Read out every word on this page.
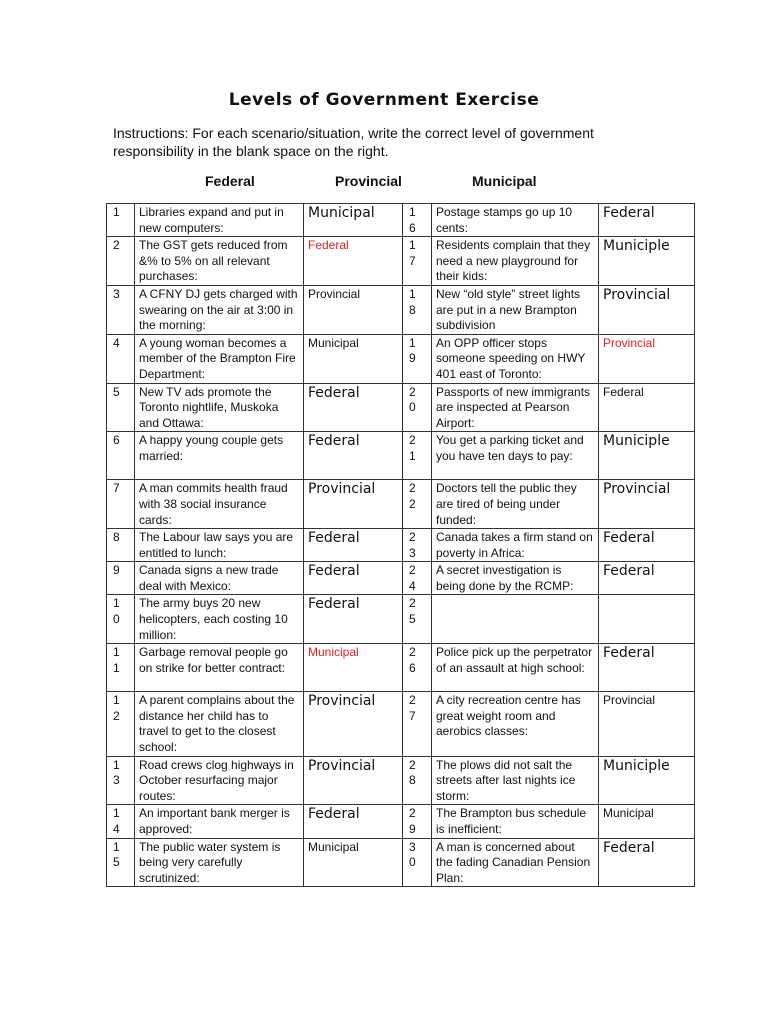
Levels of Government Exercise
Instructions: For each scenario/situation, write the correct level of government responsibility in the blank space on the right.
Federal	Provincial	Municipal
1	Libraries expand and put in new computers:	Municipal	16	Postage stamps go up 10 cents:	Federal

2	The GST gets reduced from &% to 5% on all relevant purchases:	Federal	17	Residents complain that they need a new playground for their kids:	Municiple

3	A CFNY DJ gets charged with swearing on the air at 3:00 in the morning:	Provincial	18	New “old style” street lights are put in a new Brampton subdivision	Provincial

4	A young woman becomes a member of the Brampton Fire Department:	Municipal	19	An OPP officer stops someone speeding on HWY 401 east of Toronto:	Provincial

5	New TV ads promote the Toronto nightlife, Muskoka and Ottawa:	Federal	20	Passports of new immigrants are inspected at Pearson Airport:	Federal

6	A happy young couple gets married:	Federal	21	You get a parking ticket and you have ten days to pay:	Municiple

7	A man commits health fraud with 38 social insurance cards:	Provincial	22	Doctors tell the public they are tired of being under funded:	Provincial

8	The Labour law says you are entitled to lunch:	Federal	23	Canada takes a firm stand on poverty in Africa:	Federal

9	Canada signs a new trade deal with Mexico:	Federal	24	A secret investigation is being done by the RCMP:	Federal

10	The army buys 20 new helicopters, each costing 10 million:	Federal	25		

11	Garbage removal people go on strike for better contract:	Municipal	26	Police pick up the perpetrator of an assault at high school:	Federal

12	A parent complains about the distance her child has to travel to get to the closest school:	Provincial	27	A city recreation centre has great weight room and aerobics classes:	Provincial

13	Road crews clog highways in October resurfacing major routes:	Provincial	28	The plows did not salt the streets after last nights ice storm:	Municiple

14	An important bank merger is approved:	Federal	29	The Brampton bus schedule is inefficient:	Municipal

15	The public water system is being very carefully scrutinized:	Municipal	30	A man is concerned about the fading Canadian Pension Plan:	Federal
